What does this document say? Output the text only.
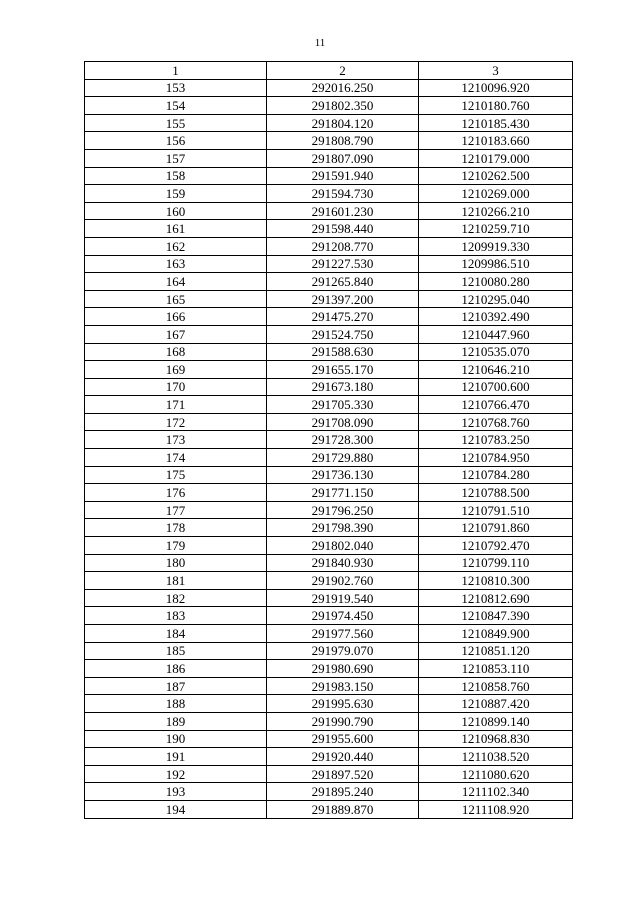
11
1	2	3
153	292016.250	1210096.920
154	291802.350	1210180.760
155	291804.120	1210185.430
156	291808.790	1210183.660
157	291807.090	1210179.000
158	291591.940	1210262.500
159	291594.730	1210269.000
160	291601.230	1210266.210
161	291598.440	1210259.710
162	291208.770	1209919.330
163	291227.530	1209986.510
164	291265.840	1210080.280
165	291397.200	1210295.040
166	291475.270	1210392.490
167	291524.750	1210447.960
168	291588.630	1210535.070
169	291655.170	1210646.210
170	291673.180	1210700.600
171	291705.330	1210766.470
172	291708.090	1210768.760
173	291728.300	1210783.250
174	291729.880	1210784.950
175	291736.130	1210784.280
176	291771.150	1210788.500
177	291796.250	1210791.510
178	291798.390	1210791.860
179	291802.040	1210792.470
180	291840.930	1210799.110
181	291902.760	1210810.300
182	291919.540	1210812.690
183	291974.450	1210847.390
184	291977.560	1210849.900
185	291979.070	1210851.120
186	291980.690	1210853.110
187	291983.150	1210858.760
188	291995.630	1210887.420
189	291990.790	1210899.140
190	291955.600	1210968.830
191	291920.440	1211038.520
192	291897.520	1211080.620
193	291895.240	1211102.340
194	291889.870	1211108.920
